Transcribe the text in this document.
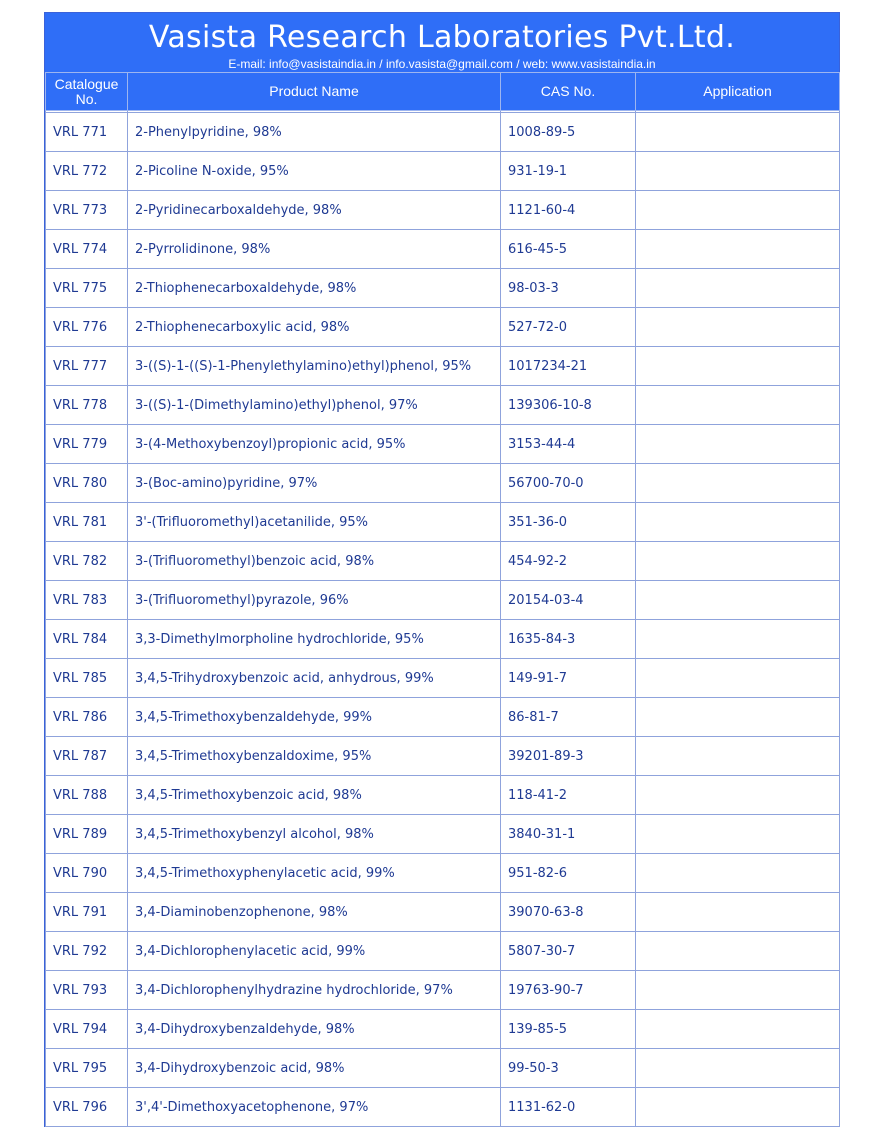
Vasista Research Laboratories Pvt.Ltd.
E-mail: info@vasistaindia.in / info.vasista@gmail.com / web: www.vasistaindia.in
Catalogue No.	Product Name	CAS No.	Application

VRL 771	2-Phenylpyridine, 98%	1008-89-5	
VRL 772	2-Picoline N-oxide, 95%	931-19-1	
VRL 773	2-Pyridinecarboxaldehyde, 98%	1121-60-4	
VRL 774	2-Pyrrolidinone, 98%	616-45-5	
VRL 775	2-Thiophenecarboxaldehyde, 98%	98-03-3	
VRL 776	2-Thiophenecarboxylic acid, 98%	527-72-0	
VRL 777	3-((S)-1-((S)-1-Phenylethylamino)ethyl)phenol, 95%	1017234-21	
VRL 778	3-((S)-1-(Dimethylamino)ethyl)phenol, 97%	139306-10-8	
VRL 779	3-(4-Methoxybenzoyl)propionic acid, 95%	3153-44-4	
VRL 780	3-(Boc-amino)pyridine, 97%	56700-70-0	
VRL 781	3'-(Trifluoromethyl)acetanilide, 95%	351-36-0	
VRL 782	3-(Trifluoromethyl)benzoic acid, 98%	454-92-2	
VRL 783	3-(Trifluoromethyl)pyrazole, 96%	20154-03-4	
VRL 784	3,3-Dimethylmorpholine hydrochloride, 95%	1635-84-3	
VRL 785	3,4,5-Trihydroxybenzoic acid, anhydrous, 99%	149-91-7	
VRL 786	3,4,5-Trimethoxybenzaldehyde, 99%	86-81-7	
VRL 787	3,4,5-Trimethoxybenzaldoxime, 95%	39201-89-3	
VRL 788	3,4,5-Trimethoxybenzoic acid, 98%	118-41-2	
VRL 789	3,4,5-Trimethoxybenzyl alcohol, 98%	3840-31-1	
VRL 790	3,4,5-Trimethoxyphenylacetic acid, 99%	951-82-6	
VRL 791	3,4-Diaminobenzophenone, 98%	39070-63-8	
VRL 792	3,4-Dichlorophenylacetic acid, 99%	5807-30-7	
VRL 793	3,4-Dichlorophenylhydrazine hydrochloride, 97%	19763-90-7	
VRL 794	3,4-Dihydroxybenzaldehyde, 98%	139-85-5	
VRL 795	3,4-Dihydroxybenzoic acid, 98%	99-50-3	
VRL 796	3',4'-Dimethoxyacetophenone, 97%	1131-62-0	
